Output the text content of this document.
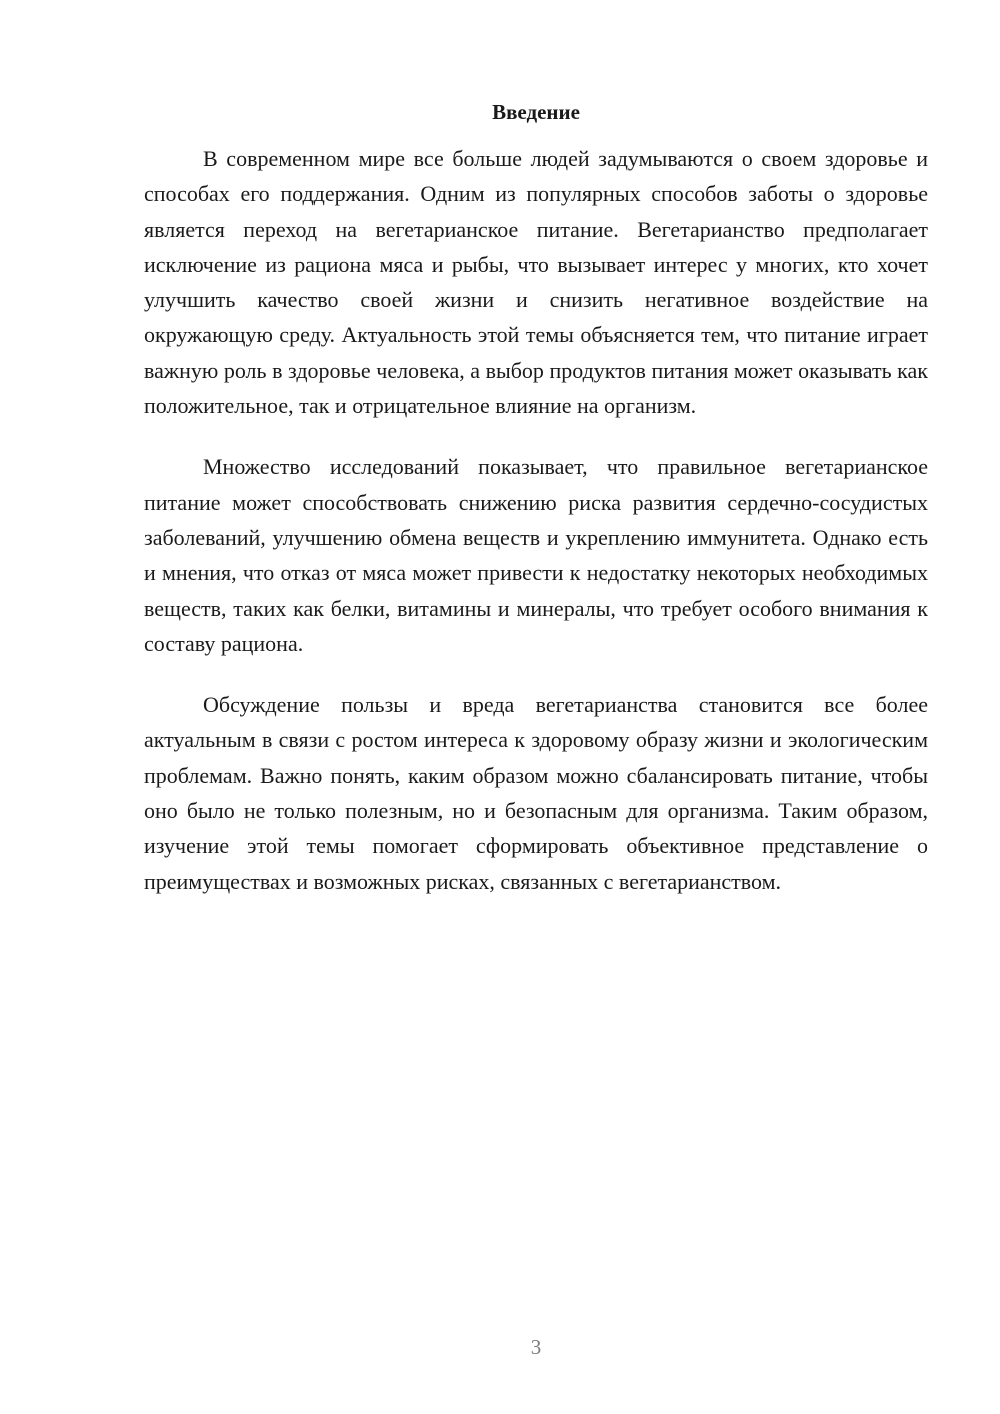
Введение

В современном мире все больше людей задумываются о своем здоровье и способах его поддержания. Одним из популярных способов заботы о здоровье является переход на вегетарианское питание. Вегетарианство предполагает исключение из рациона мяса и рыбы, что вызывает интерес у многих, кто хочет улучшить качество своей жизни и снизить негативное воздействие на окружающую среду. Актуальность этой темы объясняется тем, что питание играет важную роль в здоровье человека, а выбор продуктов питания может оказывать как положительное, так и отрицательное влияние на организм.

Множество исследований показывает, что правильное вегетарианское питание может способствовать снижению риска развития сердечно-сосудистых заболеваний, улучшению обмена веществ и укреплению иммунитета. Однако есть и мнения, что отказ от мяса может привести к недостатку некоторых необходимых веществ, таких как белки, витамины и минералы, что требует особого внимания к составу рациона.

Обсуждение пользы и вреда вегетарианства становится все более актуальным в связи с ростом интереса к здоровому образу жизни и экологическим проблемам. Важно понять, каким образом можно сбалансировать питание, чтобы оно было не только полезным, но и безопасным для организма. Таким образом, изучение этой темы помогает сформировать объективное представление о преимуществах и возможных рисках, связанных с вегетарианством.

3
